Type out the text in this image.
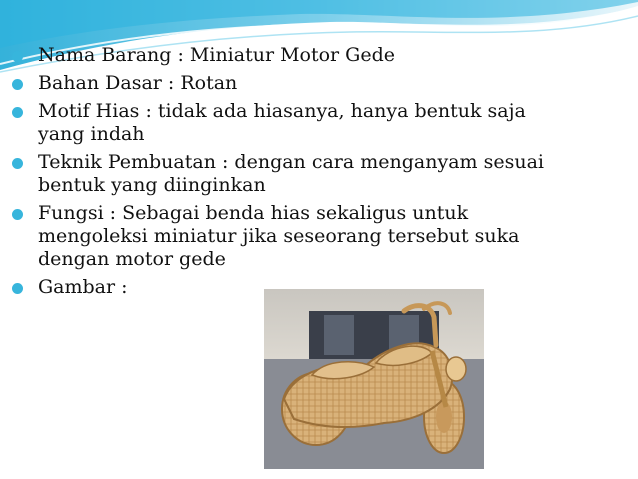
Nama Barang : Miniatur Motor Gede
Bahan Dasar : Rotan
Motif Hias : tidak ada hiasanya, hanya bentuk saja
yang indah
Teknik Pembuatan : dengan cara menganyam sesuai
bentuk yang diinginkan
Fungsi : Sebagai benda hias sekaligus untuk
mengoleksi miniatur jika seseorang tersebut suka
dengan motor gede
Gambar :
